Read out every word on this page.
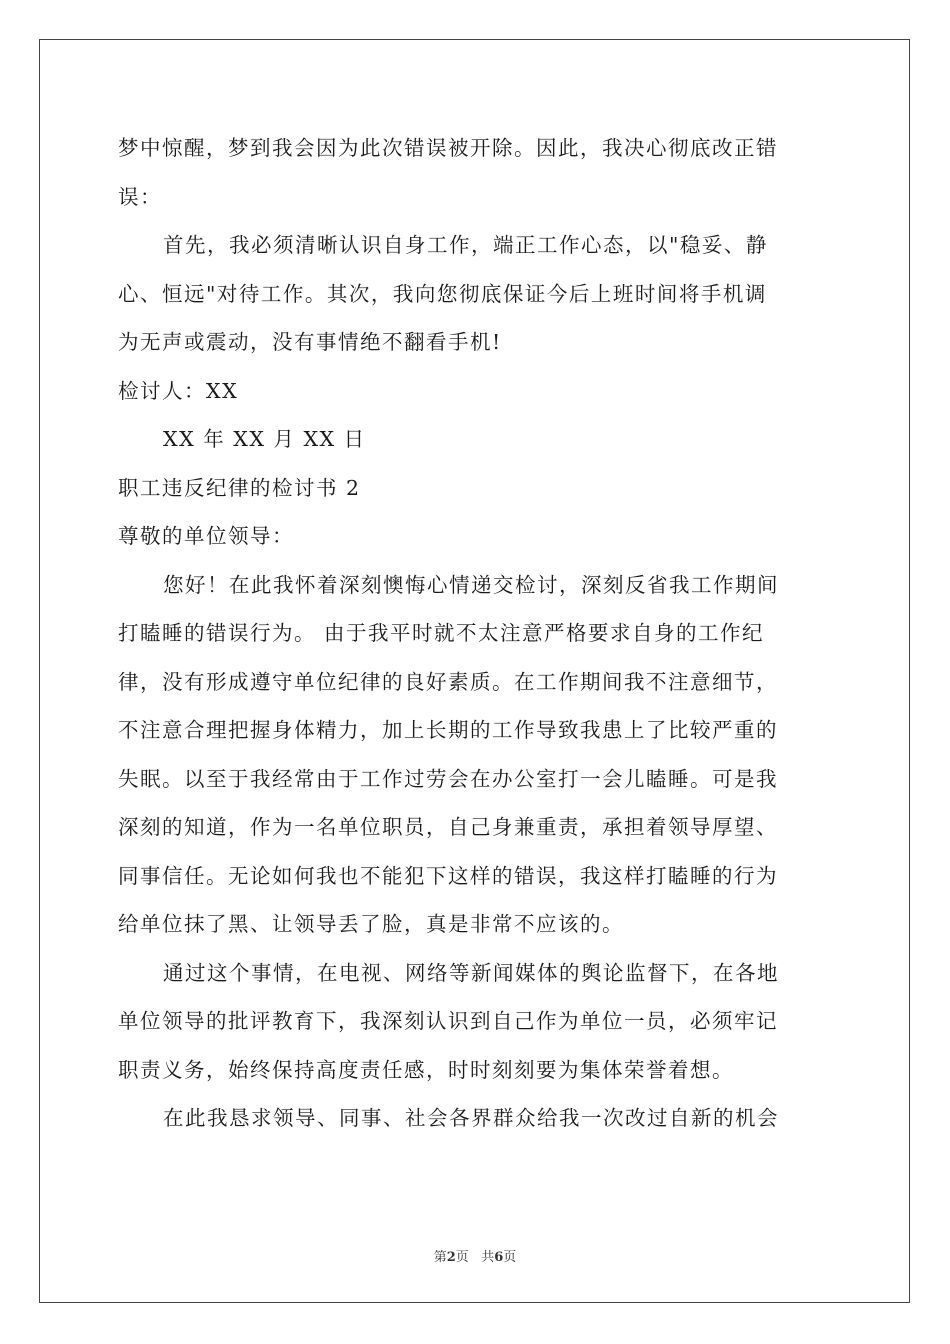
梦中惊醒，梦到我会因为此次错误被开除。因此，我决心彻底改正错
误：
首先，我必须清晰认识自身工作，端正工作心态，以"稳妥、静
心、恒远"对待工作。其次，我向您彻底保证今后上班时间将手机调
为无声或震动，没有事情绝不翻看手机!
检讨人：XX
XX 年 XX 月 XX 日
职工违反纪律的检讨书 2
尊敬的单位领导：
您好！在此我怀着深刻懊悔心情递交检讨，深刻反省我工作期间
打瞌睡的错误行为。 由于我平时就不太注意严格要求自身的工作纪
律，没有形成遵守单位纪律的良好素质。在工作期间我不注意细节，
不注意合理把握身体精力，加上长期的工作导致我患上了比较严重的
失眠。以至于我经常由于工作过劳会在办公室打一会儿瞌睡。可是我
深刻的知道，作为一名单位职员，自己身兼重责，承担着领导厚望、
同事信任。无论如何我也不能犯下这样的错误，我这样打瞌睡的行为
给单位抹了黑、让领导丢了脸，真是非常不应该的。
通过这个事情，在电视、网络等新闻媒体的舆论监督下，在各地
单位领导的批评教育下，我深刻认识到自己作为单位一员，必须牢记
职责义务，始终保持高度责任感，时时刻刻要为集体荣誉着想。
在此我恳求领导、同事、社会各界群众给我一次改过自新的机会
第2页 共6页
